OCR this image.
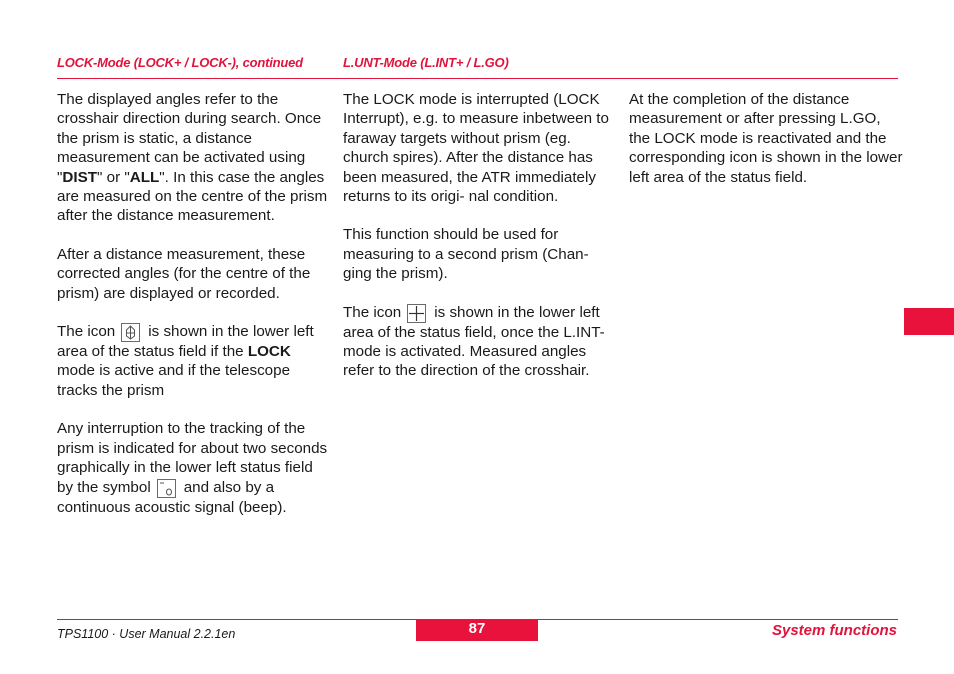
LOCK-Mode (LOCK+ / LOCK-), continued	L.UNT-Mode (L.INT+ / L.GO)

The displayed angles refer to the crosshair direction during search. Once the prism is static, a distance measurement can be activated using "DIST" or "ALL". In this case the angles are measured on the centre of the prism after the distance measurement.

After a distance measurement, these corrected angles (for the centre of the prism) are displayed or recorded.

The icon is shown in the lower left area of the status field if the LOCK mode is active and if the telescope tracks the prism

Any interruption to the tracking of the prism is indicated for about two seconds graphically in the lower left status field by the symbol and also by a continuous acoustic signal (beep).

The LOCK mode is interrupted (LOCK Interrupt), e.g. to measure inbetween to faraway targets without prism (eg. church spires). After the distance has been measured, the ATR immediately returns to its origi- nal condition.

This function should be used for measuring to a second prism (Chan- ging the prism).

The icon is shown in the lower left area of the status field, once the L.INT-mode is activated. Measured angles refer to the direction of the crosshair.

At the completion of the distance measurement or after pressing L.GO, the LOCK mode is reactivated and the corresponding icon is shown in the lower left area of the status field.

87
TPS1100 · User Manual 2.2.1en	System functions
